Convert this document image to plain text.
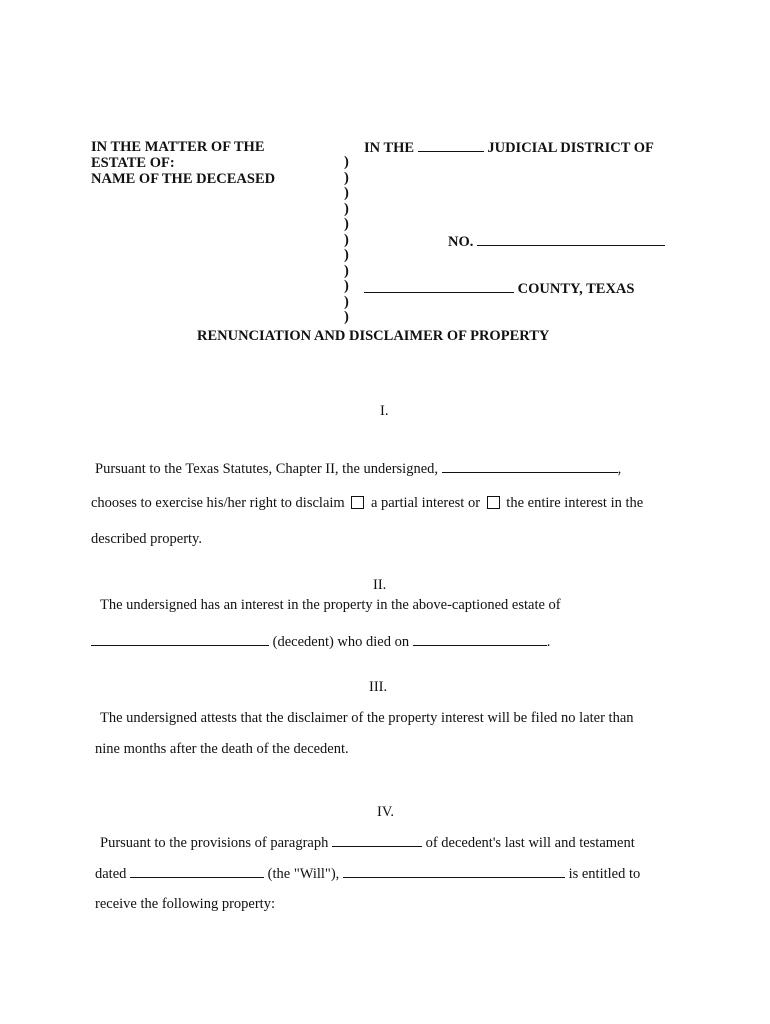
IN THE MATTER OF THE
ESTATE OF:
NAME OF THE DECEASED
)
)
)
)
)
)
)
)
)
)
)
IN THE	JUDICIAL DISTRICT OF
NO.
COUNTY, TEXAS
RENUNCIATION AND DISCLAIMER OF PROPERTY
I.
Pursuant to the Texas Statutes, Chapter II, the undersigned,	,
chooses to exercise his/her right to disclaim a partial interest or the entire interest in the
described property.
II.
The undersigned has an interest in the property in the above-captioned estate of
(decedent) who died on	.
III.
The undersigned attests that the disclaimer of the property interest will be filed no later than
nine months after the death of the decedent.
IV.
Pursuant to the provisions of paragraph	of decedent's last will and testament
dated	(the "Will"),	is entitled to
receive the following property:
